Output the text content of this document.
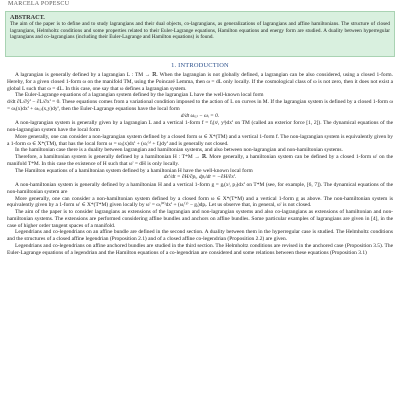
MARCELA POPESCU
ABSTRACT.
The aim of the paper is to define and to study lagrangians and their dual objects, co-lagrangians, as generalizations of lagrangians and affine hamiltonians. The structure of closed lagrangians, Helmholtz conditions and some properties related to their Euler-Lagrange equations, Hamilton equations and energy form are studied. A duality between hyperregular lagrangians and co-lagrangians (including their Euler-Lagrange and Hamilton equations) is found.
1. INTRODUCTION

A lagrangian is generally defined by a lagrangian L : TM → ℝ. When the lagrangian is not globally defined, a lagrangian can be also considered, using a closed 1-form. Hereby, for a given closed 1-form ω on the manifold TM, using the Poincaré Lemma, then ω = dL only locally. If the cosmological class of ω is not zero, then it does not exist a global L such that ω = dL. In this case, one say that ω defines a lagrangian system.

The Euler-Lagrange equations of a lagrangian system defined by the lagrangian L have the well-known local form

d/dt ∂L/∂ẏⁱ − ∂L/∂xⁱ = 0. These equations comes from a variational condition imposed to the action of L on curves in M. If the lagrangian system is defined by a closed 1-form ω = ωᵢ(x)dxⁱ + ω₍ᵢ₎(x,y)dyⁱ, then the Euler-Lagrange equations have the local form

d/dt ω₍ᵢ₎ − ωᵢ = 0.

A non-lagrangian system is generally given by a lagrangian L and a vertical 1-form f = fᵢ(xʲ, yʲ)dxⁱ on TM (called an exterior force [1, 2]). The dynamical equations of the non-lagrangian system have the local form

More generally, one can consider a non-lagrangian system defined by a closed form ω ∈ X*(TM) and a vertical 1-form f. The non-lagrangian system is equivalently given by a 1-form ω ∈ X*(TM), that has the local form ω = ωᵢ(x)dxⁱ + (ωᵢ⁽ᶦ⁾ + fᵢ)dyⁱ and is generally not closed.

In the hamiltonian case there is a duality between lagrangian and hamiltonian systems, and also between non-lagrangian and non-hamiltonian systems.

Therefore, a hamiltonian system is generally defined by a hamiltonian H : T*M → ℝ. More generally, a hamiltonian system can be defined by a closed 1-form ω' on the manifold T*M. In this case the existence of H such that ω' = dH is only locally.

The Hamilton equations of a hamiltonian system defined by a hamiltonian H have the well-known local form

dxⁱ/dt = ∂H/∂pᵢ, dpᵢ/dt = −∂H/∂xⁱ.

A non-hamiltonian system is generally defined by a hamiltonian H and a vertical 1-form g = gᵢ(xʲ, pⱼ)dxⁱ on T*M (see, for example, [6, 7]). The dynamical equations of the non-hamiltonian system are

More generally, one can consider a non-hamiltonian system defined by a closed form ω ∈ X*(T*M) and a vertical 1-form g as above. The non-hamiltonian system is equivalently given by a 1-form ω' ∈ X*(T*M) given locally by ω' = ωᵢ⁽⁰⁾dxⁱ + (ωᵢ⁽¹⁾ − gᵢ)dpᵢ. Let us observe that, in general, ω' is not closed.

The aim of the paper is to consider lagrangians as extensions of the lagrangian and non-lagrangian systems and also co-lagrangians as extensions of hamiltonian and non-hamiltonian systems. The extensions are performed considering affine bundles and anchors on affine bundles. Some particular examples of lagrangians are given in [4], in the case of higher order tangent spaces of a manifold.

Legendrians and co-legendrians on an affine bundle are defined in the second section. A duality between them in the hyperregular case is studied. The Helmholtz conditions and the structures of a closed affine legendrian (Proposition 2.1) and of a closed affine co-legendrian (Proposition 2.2) are given.

Legendrians and co-legendrians on affine anchored bundles are studied in the third section. The Helmholtz conditions are revised in the anchored case (Proposition 3.5). The Euler-Lagrange equations of a legendrian and the Hamilton equations of a co-legendrian are considered and some relations between these equations (Proposition 3.1)
